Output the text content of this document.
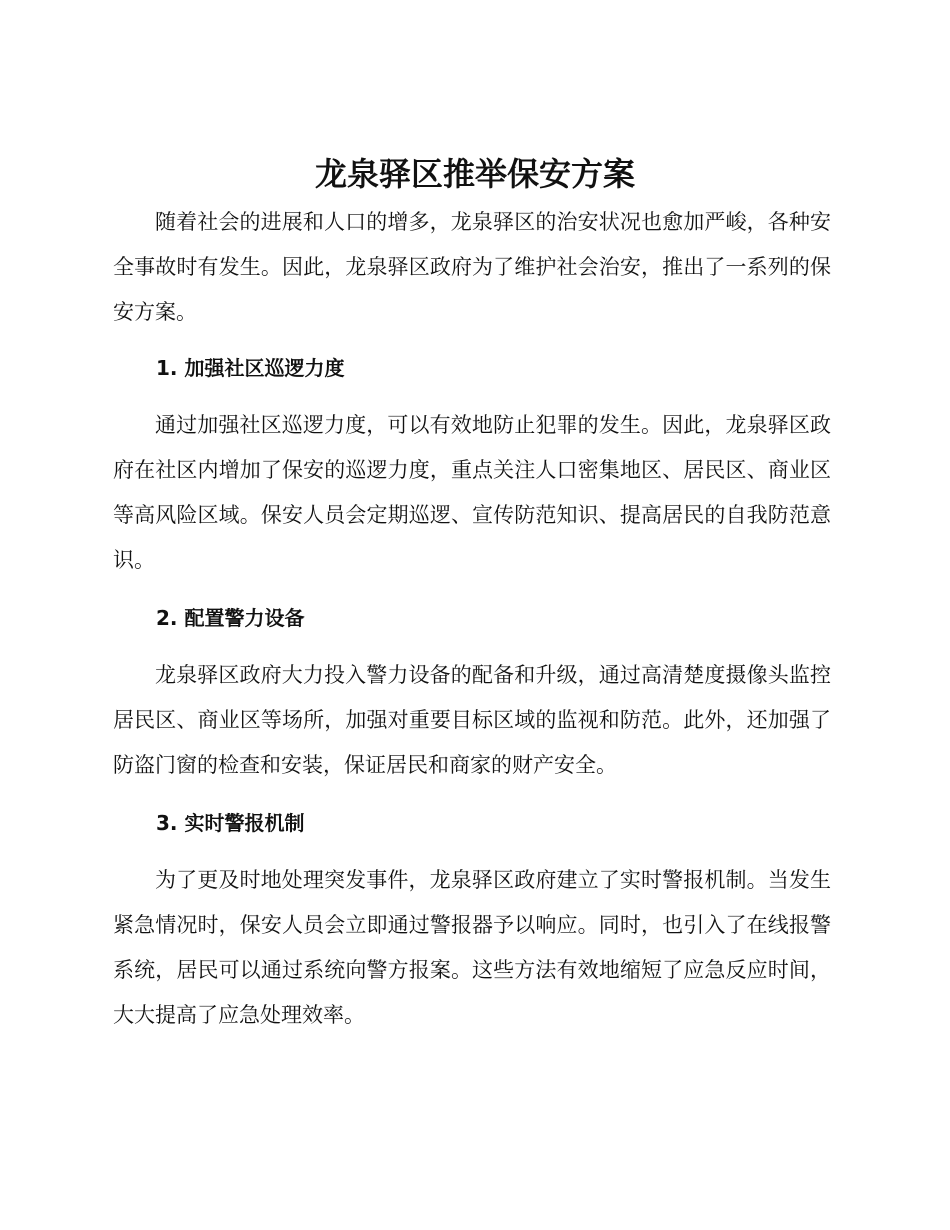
龙泉驿区推举保安方案

随着社会的进展和人口的增多，龙泉驿区的治安状况也愈加严峻，各种安全事故时有发生。因此，龙泉驿区政府为了维护社会治安，推出了一系列的保安方案。

1. 加强社区巡逻力度

通过加强社区巡逻力度，可以有效地防止犯罪的发生。因此，龙泉驿区政府在社区内增加了保安的巡逻力度，重点关注人口密集地区、居民区、商业区等高风险区域。保安人员会定期巡逻、宣传防范知识、提高居民的自我防范意识。

2. 配置警力设备

龙泉驿区政府大力投入警力设备的配备和升级，通过高清楚度摄像头监控居民区、商业区等场所，加强对重要目标区域的监视和防范。此外，还加强了防盗门窗的检查和安装，保证居民和商家的财产安全。

3. 实时警报机制

为了更及时地处理突发事件，龙泉驿区政府建立了实时警报机制。当发生紧急情况时，保安人员会立即通过警报器予以响应。同时，也引入了在线报警系统，居民可以通过系统向警方报案。这些方法有效地缩短了应急反应时间，大大提高了应急处理效率。
